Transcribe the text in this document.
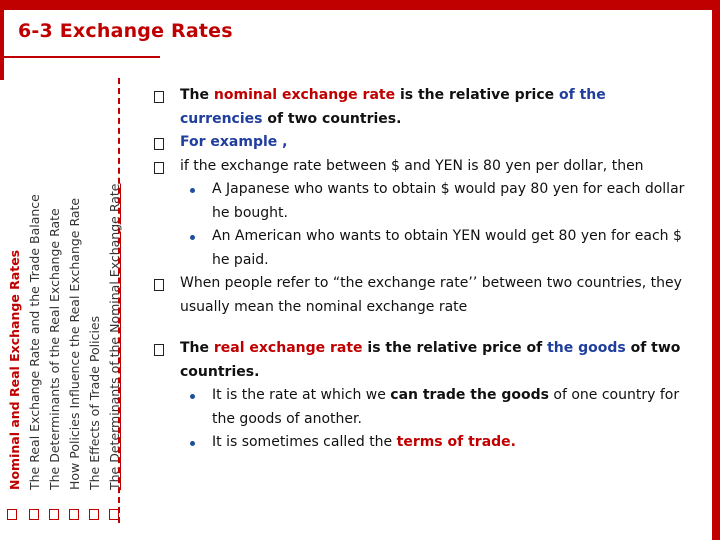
6-3 Exchange Rates
Nominal and Real Exchange Rates The Real Exchange Rate and the Trade Balance The Determinants of the Real Exchange Rate How Policies Influence the Real Exchange Rate The Effects of Trade Policies The Determinants of the Nominal Exchange Rate
The nominal exchange rate is the relative price of the currencies of two countries.
For example ,
if the exchange rate between $ and YEN is 80 yen per dollar, then
A Japanese who wants to obtain $ would pay 80 yen for each dollar he bought.
An American who wants to obtain YEN would get 80 yen for each $ he paid.
When people refer to “the exchange rate’’ between two countries, they usually mean the nominal exchange rate
The real exchange rate is the relative price of the goods of two countries.
It is the rate at which we can trade the goods of one country for the goods of another.
It is sometimes called the terms of trade.
